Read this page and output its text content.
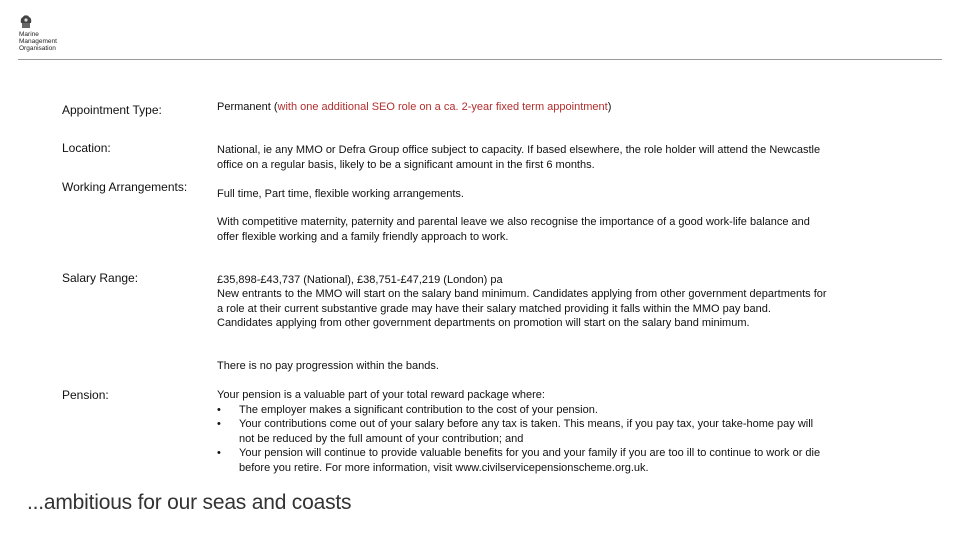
Marine
Management
Organisation
Appointment Type:	Permanent (with one additional SEO role on a ca. 2-year fixed term appointment)
Location:	National, ie any MMO or Defra Group office subject to capacity. If based elsewhere, the role holder will attend the Newcastle office on a regular basis, likely to be a significant amount in the first 6 months.
Working Arrangements:	Full time, Part time, flexible working arrangements.
With competitive maternity, paternity and parental leave we also recognise the importance of a good work-life balance and offer flexible working and a family friendly approach to work.
Salary Range:	£35,898-£43,737 (National), £38,751-£47,219 (London) pa
New entrants to the MMO will start on the salary band minimum. Candidates applying from other government departments for a role at their current substantive grade may have their salary matched providing it falls within the MMO pay band. Candidates applying from other government departments on promotion will start on the salary band minimum.
There is no pay progression within the bands.
Pension:	Your pension is a valuable part of your total reward package where:
• The employer makes a significant contribution to the cost of your pension.
• Your contributions come out of your salary before any tax is taken. This means, if you pay tax, your take-home pay will not be reduced by the full amount of your contribution; and
• Your pension will continue to provide valuable benefits for you and your family if you are too ill to continue to work or die before you retire. For more information, visit www.civilservicepensionscheme.org.uk.
...ambitious for our seas and coasts
